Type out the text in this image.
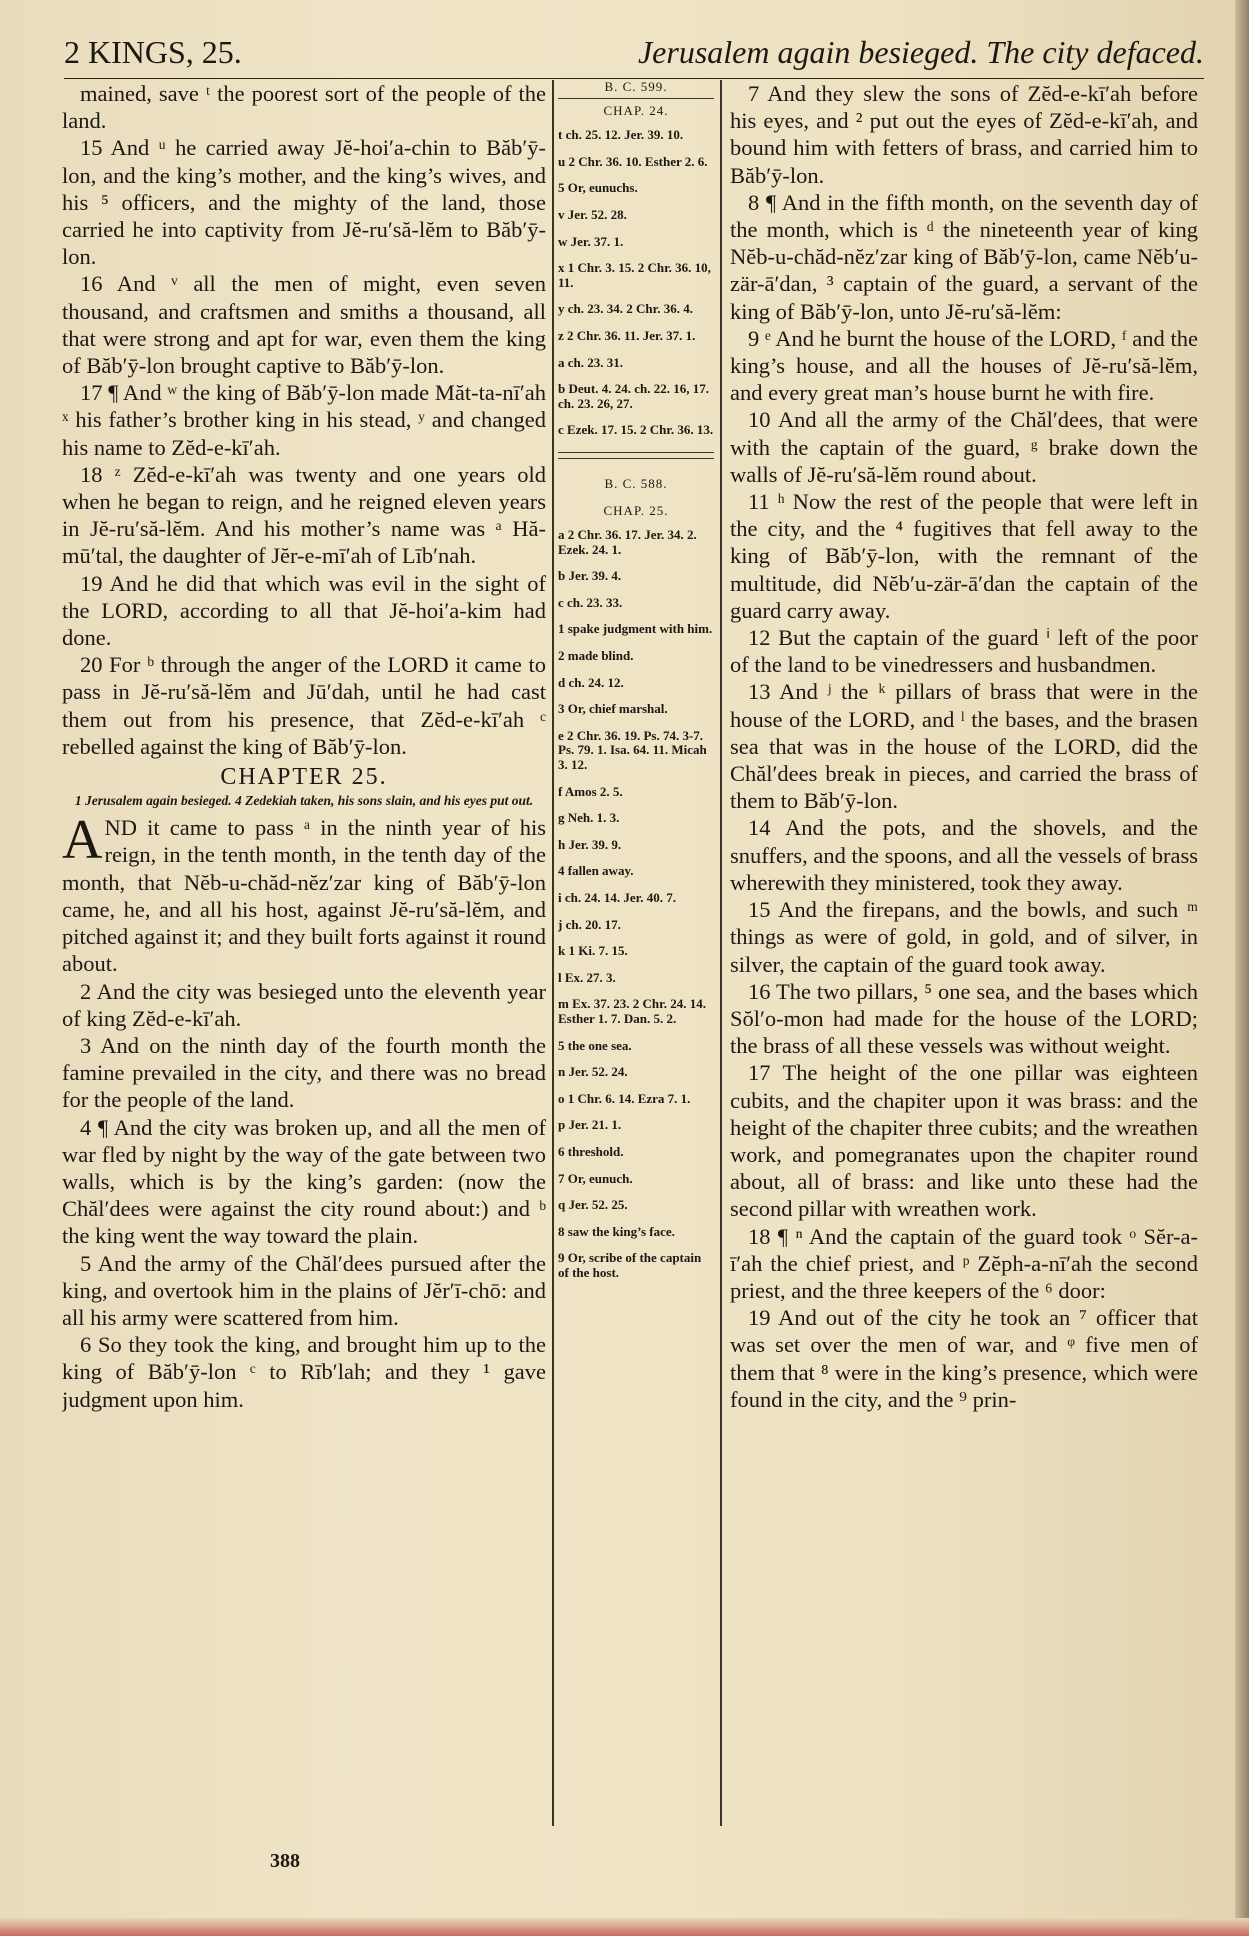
2 KINGS, 25.	Jerusalem again besieged. The city defaced.

mained, save ᵗ the poorest sort of the people of the land.

15 And ᵘ he carried away Jĕ-hoi′a-chin to Băb′ȳ-lon, and the king’s mother, and the king’s wives, and his ⁵ officers, and the mighty of the land, those carried he into captivity from Jĕ-ru′să-lĕm to Băb′ȳ-lon.

16 And ᵛ all the men of might, even seven thousand, and craftsmen and smiths a thousand, all that were strong and apt for war, even them the king of Băb′ȳ-lon brought captive to Băb′ȳ-lon.

17 ¶ And ʷ the king of Băb′ȳ-lon made Măt-ta-nī′ah ˣ his father’s brother king in his stead, ʸ and changed his name to Zĕd-e-kī′ah.

18 ᶻ Zĕd-e-kī′ah was twenty and one years old when he began to reign, and he reigned eleven years in Jĕ-ru′să-lĕm. And his mother’s name was ᵃ Hă-mū′tal, the daughter of Jĕr-e-mī′ah of Līb′nah.

19 And he did that which was evil in the sight of the LORD, according to all that Jĕ-hoi′a-kim had done.

20 For ᵇ through the anger of the LORD it came to pass in Jĕ-ru′să-lĕm and Jū′dah, until he had cast them out from his presence, that Zĕd-e-kī′ah ᶜ rebelled against the king of Băb′ȳ-lon.

CHAPTER 25.
1 Jerusalem again besieged. 4 Zedekiah taken, his sons slain, and his eyes put out.

AND it came to pass ᵃ in the ninth year of his reign, in the tenth month, in the tenth day of the month, that Nĕb-u-chăd-nĕz′zar king of Băb′ȳ-lon came, he, and all his host, against Jĕ-ru′să-lĕm, and pitched against it; and they built forts against it round about.

2 And the city was besieged unto the eleventh year of king Zĕd-e-kī′ah.

3 And on the ninth day of the fourth month the famine prevailed in the city, and there was no bread for the people of the land.

4 ¶ And the city was broken up, and all the men of war fled by night by the way of the gate between two walls, which is by the king’s garden: (now the Chăl′dees were against the city round about:) and ᵇ the king went the way toward the plain.

5 And the army of the Chăl′dees pursued after the king, and overtook him in the plains of Jĕr′ī-chō: and all his army were scattered from him.

6 So they took the king, and brought him up to the king of Băb′ȳ-lon ᶜ to Rīb′lah; and they ¹ gave judgment upon him.

B. C. 599.
CHAP. 24.
t ch. 25. 12. Jer. 39. 10.
u 2 Chr. 36. 10. Esther 2. 6.
5 Or, eunuchs.
v Jer. 52. 28.
w Jer. 37. 1.
x 1 Chr. 3. 15. 2 Chr. 36. 10, 11.
y ch. 23. 34. 2 Chr. 36. 4.
z 2 Chr. 36. 11. Jer. 37. 1.
a ch. 23. 31.
b Deut. 4. 24. ch. 22. 16, 17. ch. 23. 26, 27.
c Ezek. 17. 15. 2 Chr. 36. 13.
B. C. 588.
CHAP. 25.
a 2 Chr. 36. 17. Jer. 34. 2. Ezek. 24. 1.
b Jer. 39. 4.
c ch. 23. 33.
1 spake judgment with him.
2 made blind.
d ch. 24. 12.
3 Or, chief marshal.
e 2 Chr. 36. 19. Ps. 74. 3-7. Ps. 79. 1. Isa. 64. 11. Micah 3. 12.
f Amos 2. 5.
g Neh. 1. 3.
h Jer. 39. 9.
4 fallen away.
i ch. 24. 14. Jer. 40. 7.
j ch. 20. 17.
k 1 Ki. 7. 15.
l Ex. 27. 3.
m Ex. 37. 23. 2 Chr. 24. 14. Esther 1. 7. Dan. 5. 2.
5 the one sea.
n Jer. 52. 24.
o 1 Chr. 6. 14. Ezra 7. 1.
p Jer. 21. 1.
6 threshold.
7 Or, eunuch.
q Jer. 52. 25.
8 saw the king’s face.
9 Or, scribe of the captain of the host.

7 And they slew the sons of Zĕd-e-kī′ah before his eyes, and ² put out the eyes of Zĕd-e-kī′ah, and bound him with fetters of brass, and carried him to Băb′ȳ-lon.

8 ¶ And in the fifth month, on the seventh day of the month, which is ᵈ the nineteenth year of king Nĕb-u-chăd-nĕz′zar king of Băb′ȳ-lon, came Nĕb′u-zär-ā′dan, ³ captain of the guard, a servant of the king of Băb′ȳ-lon, unto Jĕ-ru′să-lĕm:

9 ᵉ And he burnt the house of the LORD, ᶠ and the king’s house, and all the houses of Jĕ-ru′să-lĕm, and every great man’s house burnt he with fire.

10 And all the army of the Chăl′dees, that were with the captain of the guard, ᵍ brake down the walls of Jĕ-ru′să-lĕm round about.

11 ʰ Now the rest of the people that were left in the city, and the ⁴ fugitives that fell away to the king of Băb′ȳ-lon, with the remnant of the multitude, did Nĕb′u-zär-ā′dan the captain of the guard carry away.

12 But the captain of the guard ⁱ left of the poor of the land to be vinedressers and husbandmen.

13 And ʲ the ᵏ pillars of brass that were in the house of the LORD, and ˡ the bases, and the brasen sea that was in the house of the LORD, did the Chăl′dees break in pieces, and carried the brass of them to Băb′ȳ-lon.

14 And the pots, and the shovels, and the snuffers, and the spoons, and all the vessels of brass wherewith they ministered, took they away.

15 And the firepans, and the bowls, and such ᵐ things as were of gold, in gold, and of silver, in silver, the captain of the guard took away.

16 The two pillars, ⁵ one sea, and the bases which Sŏl′o-mon had made for the house of the LORD; the brass of all these vessels was without weight.

17 The height of the one pillar was eighteen cubits, and the chapiter upon it was brass: and the height of the chapiter three cubits; and the wreathen work, and pomegranates upon the chapiter round about, all of brass: and like unto these had the second pillar with wreathen work.

18 ¶ ⁿ And the captain of the guard took ᵒ Sĕr-a-ī′ah the chief priest, and ᵖ Zĕph-a-nī′ah the second priest, and the three keepers of the ⁶ door:

19 And out of the city he took an ⁷ officer that was set over the men of war, and ᵠ five men of them that ⁸ were in the king’s presence, which were found in the city, and the ⁹ prin-

388
